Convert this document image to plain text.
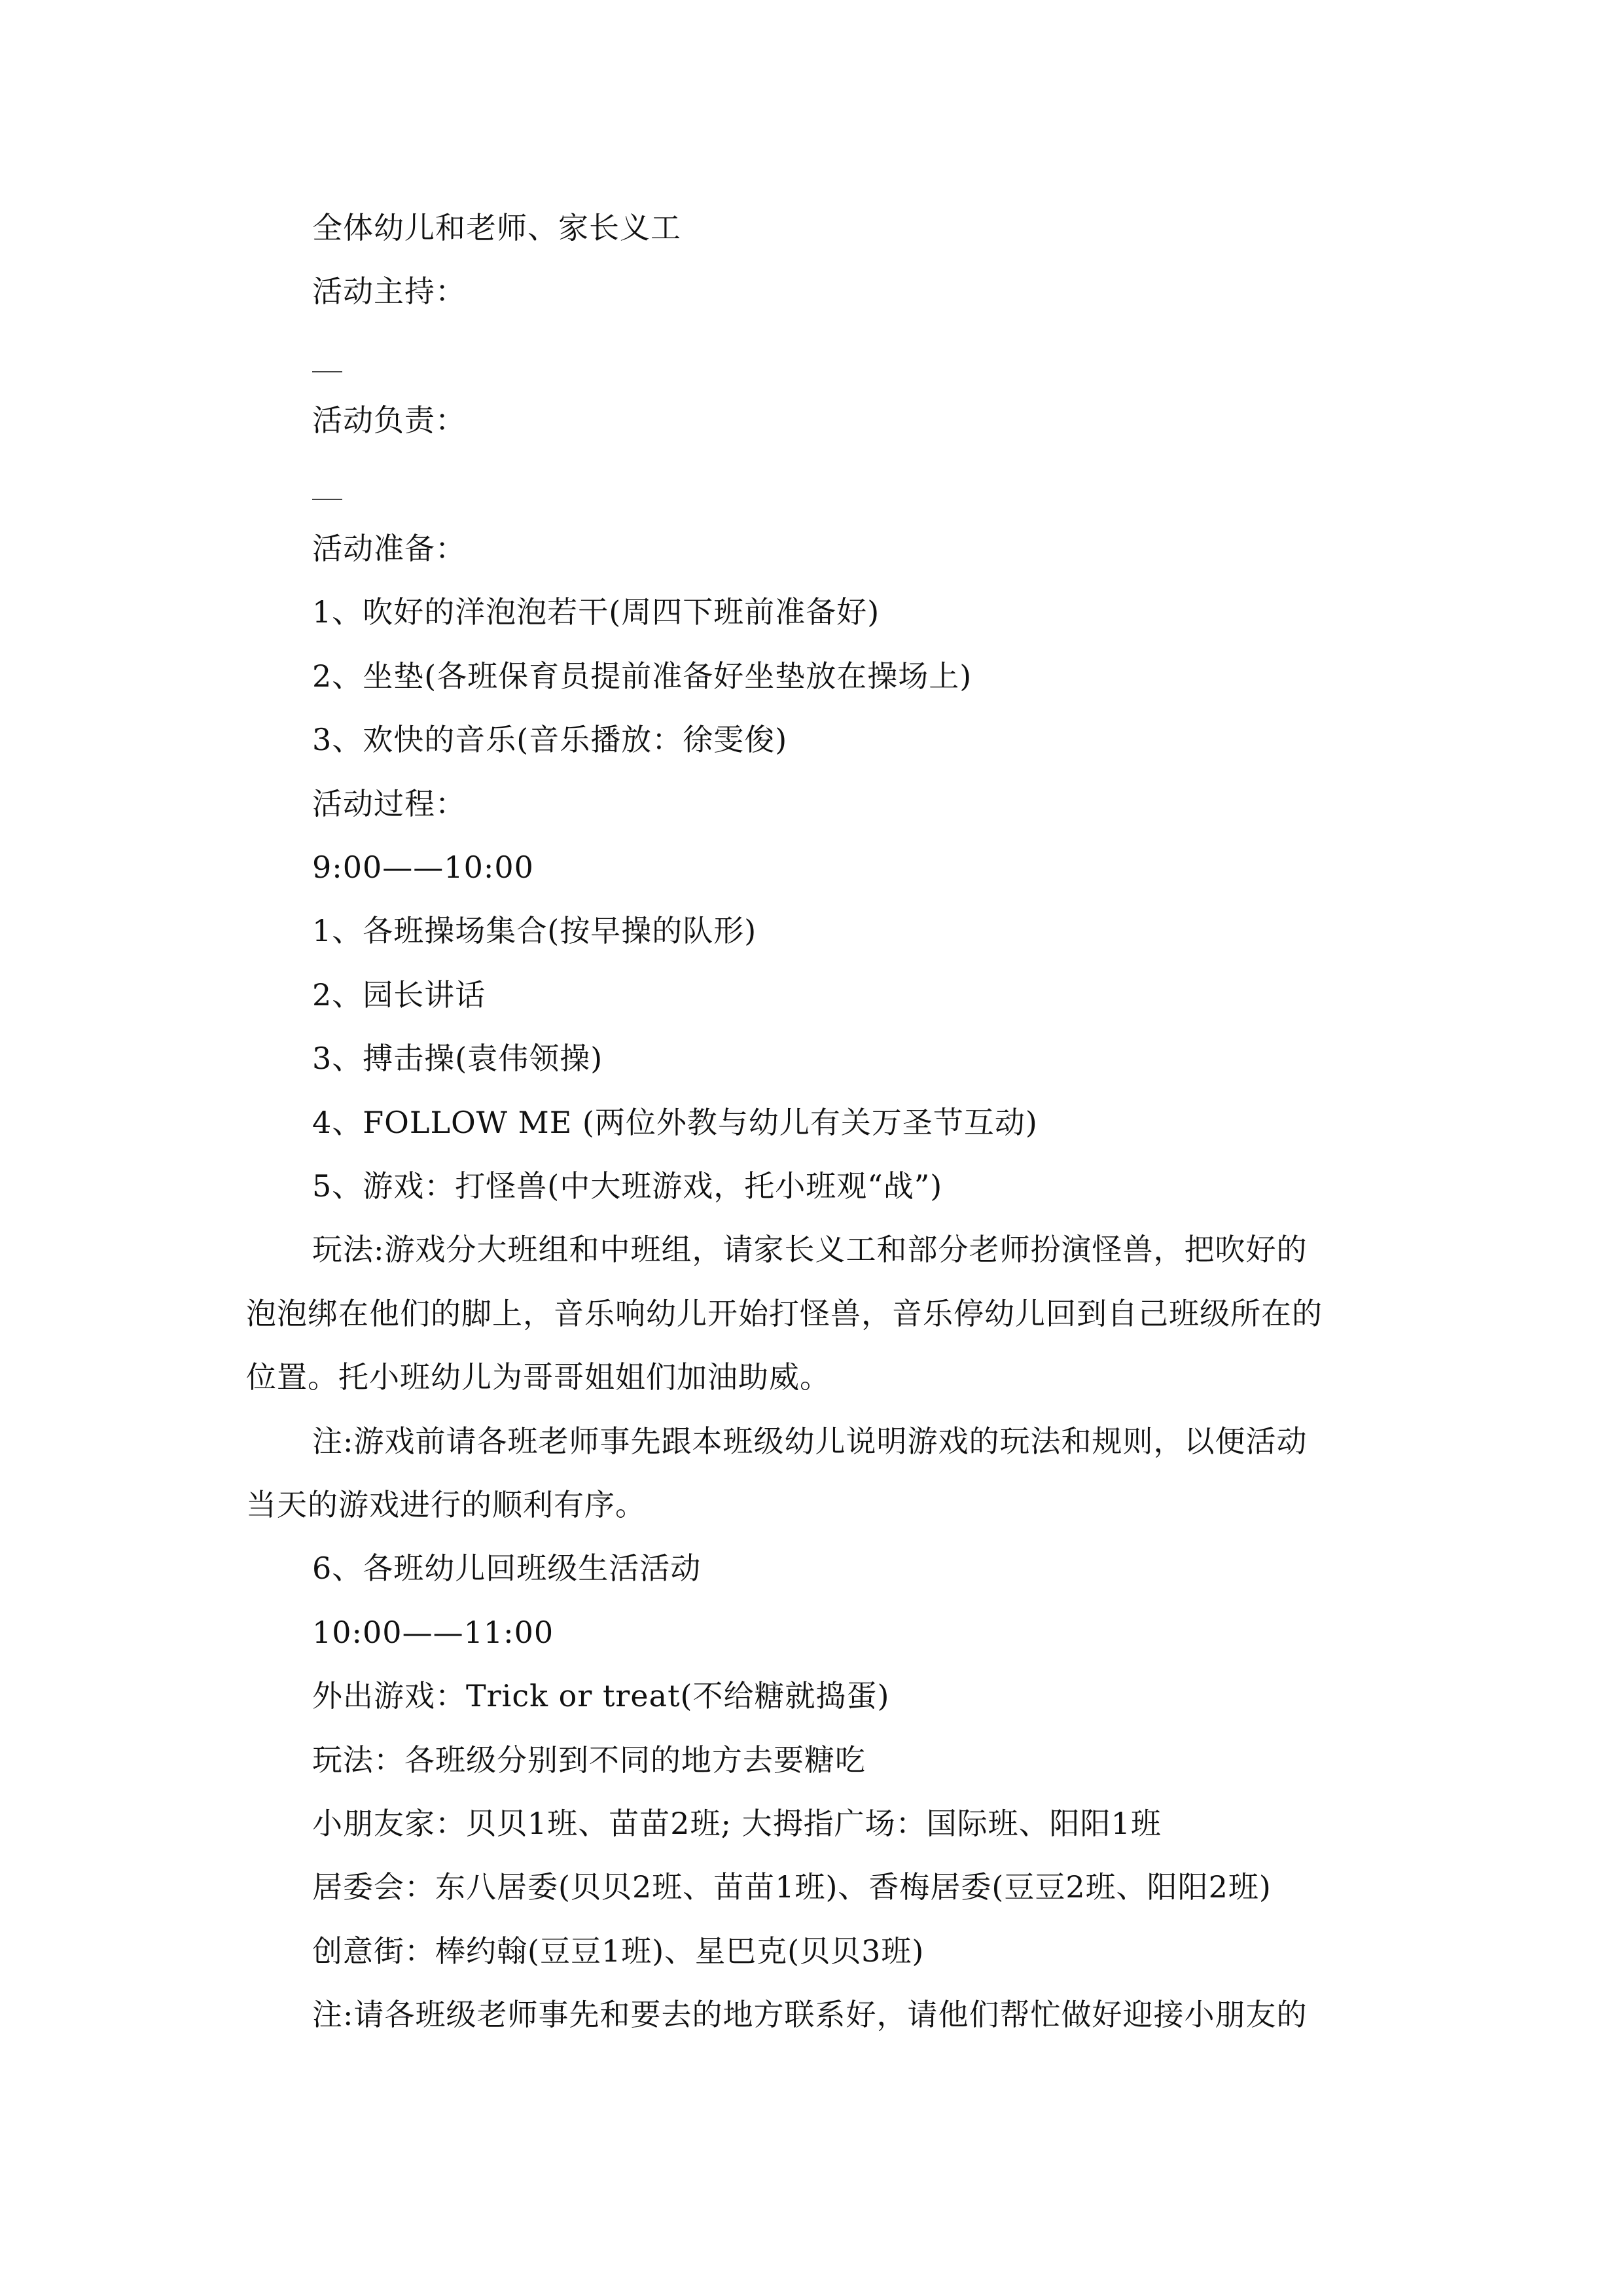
全体幼儿和老师、家长义工
活动主持：
活动负责：
活动准备：
1、吹好的洋泡泡若干(周四下班前准备好)
2、坐垫(各班保育员提前准备好坐垫放在操场上)
3、欢快的音乐(音乐播放：徐雯俊)
活动过程：
9:00——10:00
1、各班操场集合(按早操的队形)
2、园长讲话
3、搏击操(袁伟领操)
4、FOLLOW ME (两位外教与幼儿有关万圣节互动)
5、游戏：打怪兽(中大班游戏，托小班观“战”)
玩法:游戏分大班组和中班组，请家长义工和部分老师扮演怪兽，把吹好的
泡泡绑在他们的脚上，音乐响幼儿开始打怪兽，音乐停幼儿回到自己班级所在的
位置。托小班幼儿为哥哥姐姐们加油助威。
注:游戏前请各班老师事先跟本班级幼儿说明游戏的玩法和规则，以便活动
当天的游戏进行的顺利有序。
6、各班幼儿回班级生活活动
10:00——11:00
外出游戏：Trick or treat(不给糖就捣蛋)
玩法：各班级分别到不同的地方去要糖吃
小朋友家：贝贝1班、苗苗2班; 大拇指广场：国际班、阳阳1班
居委会：东八居委(贝贝2班、苗苗1班)、香梅居委(豆豆2班、阳阳2班)
创意街：棒约翰(豆豆1班)、星巴克(贝贝3班)
注:请各班级老师事先和要去的地方联系好，请他们帮忙做好迎接小朋友的
